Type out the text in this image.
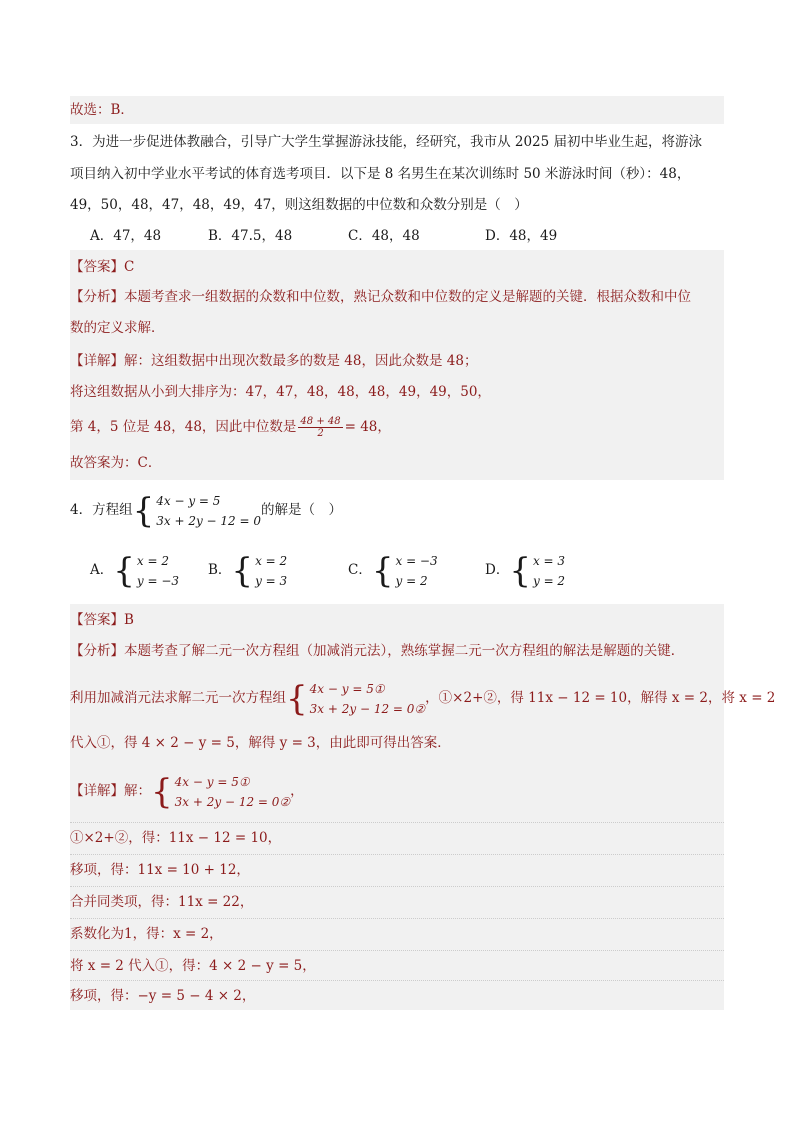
故选：B．
3．为进一步促进体教融合，引导广大学生掌握游泳技能，经研究，我市从 2025 届初中毕业生起，将游泳
项目纳入初中学业水平考试的体育选考项目．以下是 8 名男生在某次训练时 50 米游泳时间（秒）：48，
49，50，48，47，48，49，47，则这组数据的中位数和众数分别是（　）
A．47，48	B．47.5，48	C．48，48	D．48，49
【答案】C
【分析】本题考查求一组数据的众数和中位数，熟记众数和中位数的定义是解题的关键．根据众数和中位
数的定义求解．
【详解】解：这组数据中出现次数最多的数是 48，因此众数是 48；
将这组数据从小到大排序为：47，47，48，48，48，49，49，50，
第 4，5 位是 48，48，因此中位数是 $\frac{48 + 48}{2} = 48$，
故答案为：C．
4．方程组 { 4x − y = 5
3x + 2y − 12 = 0
的解是（　）
A． { x = 2
y = −3
B． { x = 2
y = 3
C． { x = −3
y = 2
D． { x = 3
y = 2
【答案】B
【分析】本题考查了解二元一次方程组（加减消元法），熟练掌握二元一次方程组的解法是解题的关键．
利用加减消元法求解二元一次方程组 { 4x − y = 5①
3x + 2y − 12 = 0②
，①×2+②，得 11x − 12 = 10，解得 x = 2，将 x = 2
代入①，得 4 × 2 − y = 5，解得 y = 3，由此即可得出答案．
【详解】解： { 4x − y = 5①
3x + 2y − 12 = 0②
，
①×2+②，得：11x − 12 = 10，
移项，得：11x = 10 + 12，
合并同类项，得：11x = 22，
系数化为1，得：x = 2，
将 x = 2 代入①，得：4 × 2 − y = 5，
移项，得：−y = 5 − 4 × 2，
